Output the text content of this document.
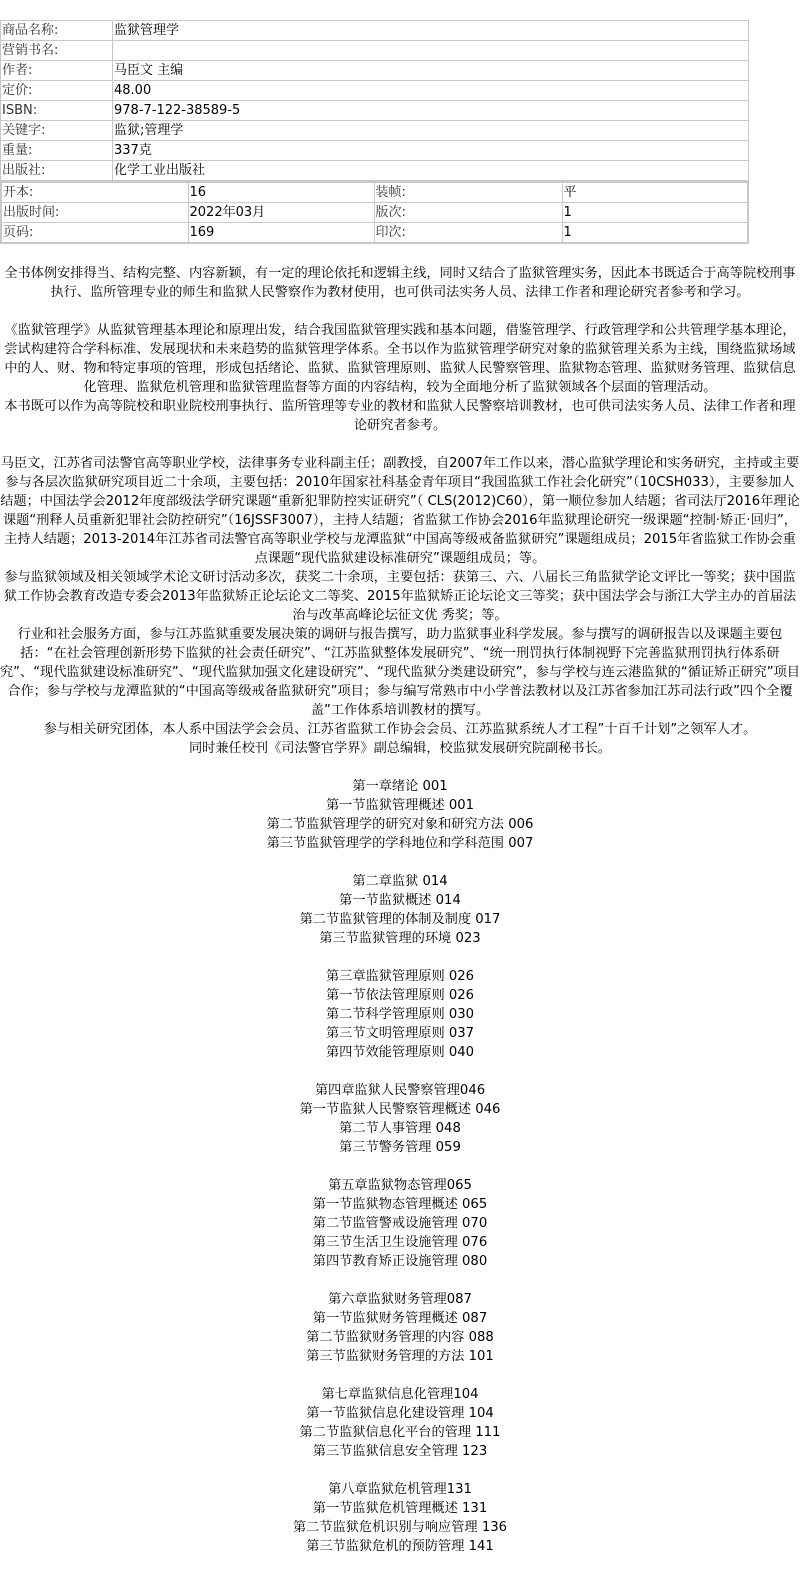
商品名称:	监狱管理学
营销书名:	
作者:	马臣文 主编
定价:	48.00
ISBN:	978-7-122-38589-5
关键字:	监狱;管理学
重量:	337克
出版社:	化学工业出版社
开本:	16	装帧:	平
出版时间:	2022年03月	版次:	1
页码:	169	印次:	1

全书体例安排得当、结构完整、内容新颖，有一定的理论依托和逻辑主线，同时又结合了监狱管理实务，因此本书既适合于高等院校刑事执行、监所管理专业的师生和监狱人民警察作为教材使用，也可供司法实务人员、法律工作者和理论研究者参考和学习。

《监狱管理学》从监狱管理基本理论和原理出发，结合我国监狱管理实践和基本问题，借鉴管理学、行政管理学和公共管理学基本理论，尝试构建符合学科标准、发展现状和未来趋势的监狱管理学体系。全书以作为监狱管理学研究对象的监狱管理关系为主线，围绕监狱场域中的人、财、物和特定事项的管理，形成包括绪论、监狱、监狱管理原则、监狱人民警察管理、监狱物态管理、监狱财务管理、监狱信息化管理、监狱危机管理和监狱管理监督等方面的内容结构，较为全面地分析了监狱领域各个层面的管理活动。

本书既可以作为高等院校和职业院校刑事执行、监所管理等专业的教材和监狱人民警察培训教材，也可供司法实务人员、法律工作者和理论研究者参考。

马臣文，江苏省司法警官高等职业学校，法律事务专业科副主任；副教授，自2007年工作以来，潜心监狱学理论和实务研究，主持或主要参与各层次监狱研究项目近二十余项，主要包括：2010年国家社科基金青年项目“我国监狱工作社会化研究”（10CSH033），主要参加人结题；中国法学会2012年度部级法学研究课题“重新犯罪防控实证研究”（ CLS(2012)C60），第一顺位参加人结题；省司法厅2016年理论课题“刑释人员重新犯罪社会防控研究”（16JSSF3007），主持人结题；省监狱工作协会2016年监狱理论研究一级课题“控制·矫正·回归”，主持人结题；2013-2014年江苏省司法警官高等职业学校与龙潭监狱“中国高等级戒备监狱研究”课题组成员；2015年省监狱工作协会重点课题“现代监狱建设标准研究”课题组成员；等。

参与监狱领域及相关领域学术论文研讨活动多次，获奖二十余项，主要包括：获第三、六、八届长三角监狱学论文评比一等奖；获中国监狱工作协会教育改造专委会2013年监狱矫正论坛论文二等奖、2015年监狱矫正论坛论文三等奖；获中国法学会与浙江大学主办的首届法治与改革高峰论坛征文优 秀奖；等。

行业和社会服务方面，参与江苏监狱重要发展决策的调研与报告撰写，助力监狱事业科学发展。参与撰写的调研报告以及课题主要包括：“在社会管理创新形势下监狱的社会责任研究”、“江苏监狱整体发展研究”、“统一刑罚执行体制视野下完善监狱刑罚执行体系研究”、“现代监狱建设标准研究”、“现代监狱加强文化建设研究”、“现代监狱分类建设研究”，参与学校与连云港监狱的“循证矫正研究”项目合作；参与学校与龙潭监狱的“中国高等级戒备监狱研究”项目；参与编写常熟市中小学普法教材以及江苏省参加江苏司法行政”四个全覆盖”工作体系培训教材的撰写。

参与相关研究团体，本人系中国法学会会员、江苏省监狱工作协会会员、江苏监狱系统人才工程”十百千计划”之领军人才。

同时兼任校刊《司法警官学界》副总编辑，校监狱发展研究院副秘书长。

第一章绪论 001

第一节监狱管理概述 001

第二节监狱管理学的研究对象和研究方法 006

第三节监狱管理学的学科地位和学科范围 007

第二章监狱 014

第一节监狱概述 014

第二节监狱管理的体制及制度 017

第三节监狱管理的环境 023

第三章监狱管理原则 026

第一节依法管理原则 026

第二节科学管理原则 030

第三节文明管理原则 037

第四节效能管理原则 040

第四章监狱人民警察管理046

第一节监狱人民警察管理概述 046

第二节人事管理 048

第三节警务管理 059

第五章监狱物态管理065

第一节监狱物态管理概述 065

第二节监管警戒设施管理 070

第三节生活卫生设施管理 076

第四节教育矫正设施管理 080

第六章监狱财务管理087

第一节监狱财务管理概述 087

第二节监狱财务管理的内容 088

第三节监狱财务管理的方法 101

第七章监狱信息化管理104

第一节监狱信息化建设管理 104

第二节监狱信息化平台的管理 111

第三节监狱信息安全管理 123

第八章监狱危机管理131

第一节监狱危机管理概述 131

第二节监狱危机识别与响应管理 136

第三节监狱危机的预防管理 141
